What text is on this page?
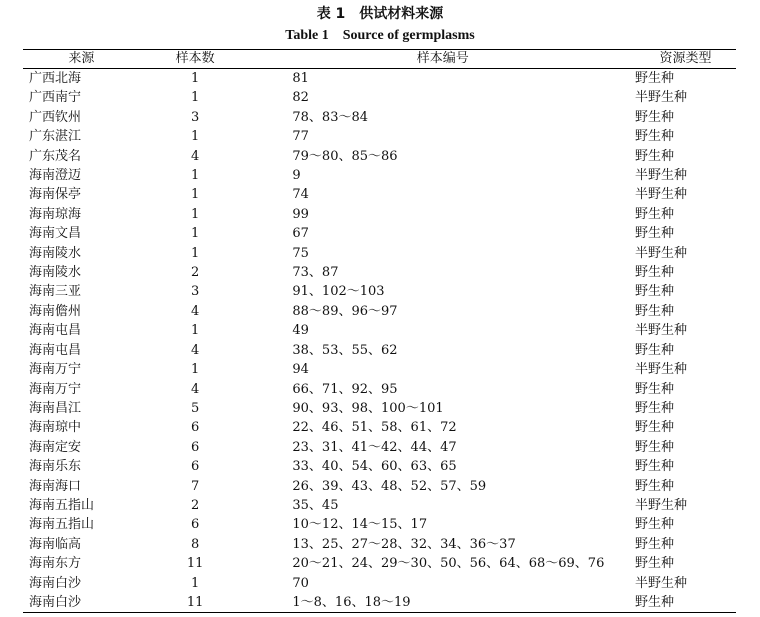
表 1　供试材料来源
Table 1　Source of germplasms
来源	样本数	样本编号	资源类型
广西北海	1	81	野生种
广西南宁	1	82	半野生种
广西钦州	3	78、83～84	野生种
广东湛江	1	77	野生种
广东茂名	4	79～80、85～86	野生种
海南澄迈	1	9	半野生种
海南保亭	1	74	半野生种
海南琼海	1	99	野生种
海南文昌	1	67	野生种
海南陵水	1	75	半野生种
海南陵水	2	73、87	野生种
海南三亚	3	91、102～103	野生种
海南儋州	4	88～89、96～97	野生种
海南屯昌	1	49	半野生种
海南屯昌	4	38、53、55、62	野生种
海南万宁	1	94	半野生种
海南万宁	4	66、71、92、95	野生种
海南昌江	5	90、93、98、100～101	野生种
海南琼中	6	22、46、51、58、61、72	野生种
海南定安	6	23、31、41～42、44、47	野生种
海南乐东	6	33、40、54、60、63、65	野生种
海南海口	7	26、39、43、48、52、57、59	野生种
海南五指山	2	35、45	半野生种
海南五指山	6	10～12、14～15、17	野生种
海南临高	8	13、25、27～28、32、34、36～37	野生种
海南东方	11	20～21、24、29～30、50、56、64、68～69、76	野生种
海南白沙	1	70	半野生种
海南白沙	11	1～8、16、18～19	野生种
